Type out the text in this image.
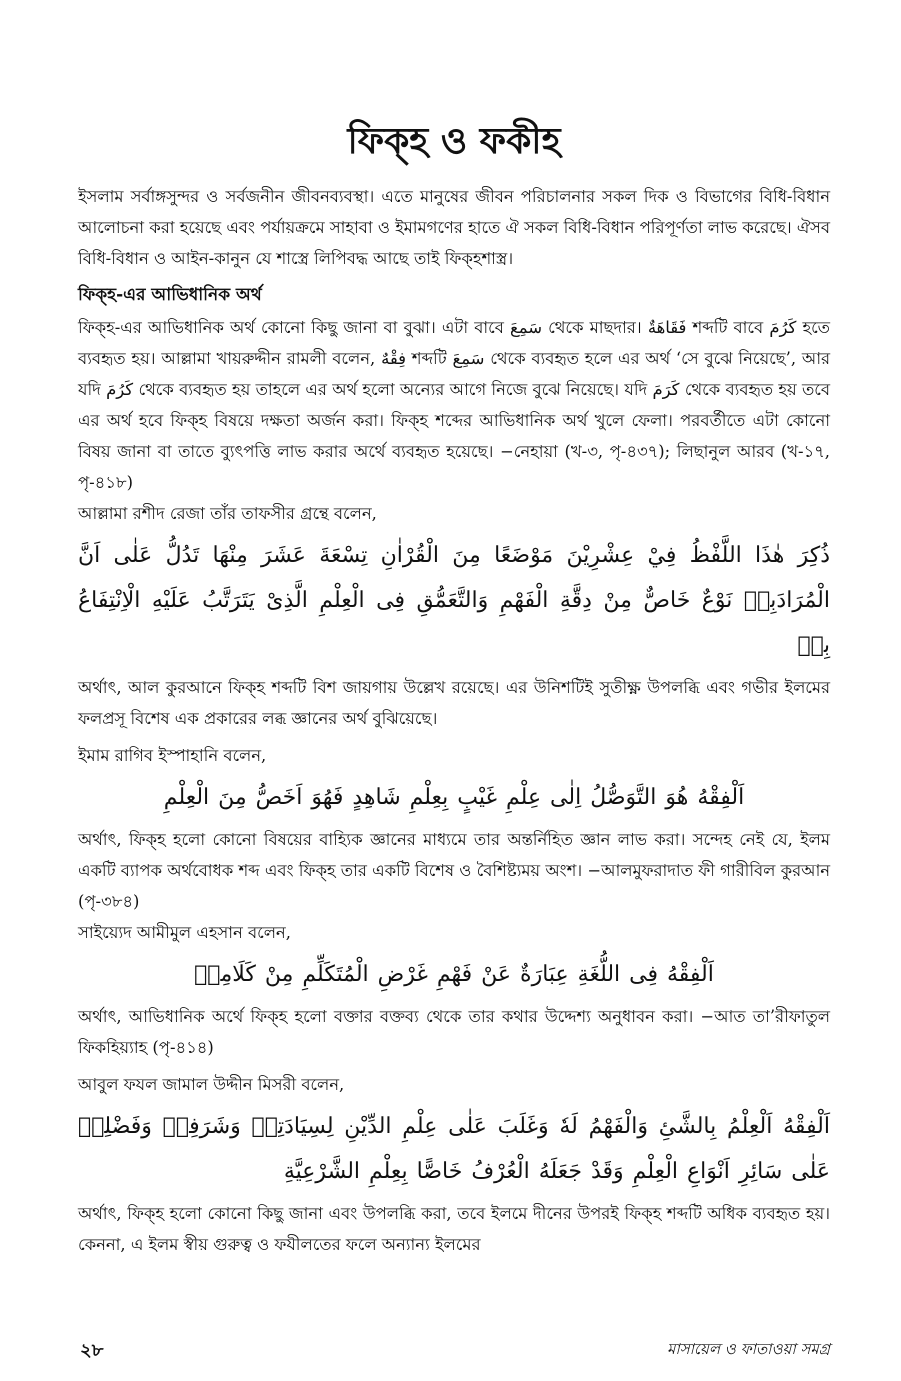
ফিক্‌হ ও ফকীহ

ইসলাম সর্বাঙ্গসুন্দর ও সর্বজনীন জীবনব্যবস্থা। এতে মানুষের জীবন পরিচালনার সকল দিক ও বিভাগের বিধি-বিধান আলোচনা করা হয়েছে এবং পর্যায়ক্রমে সাহাবা ও ইমামগণের হাতে ঐ সকল বিধি-বিধান পরিপূর্ণতা লাভ করেছে। ঐসব বিধি-বিধান ও আইন-কানুন যে শাস্ত্রে লিপিবদ্ধ আছে তাই ফিক্‌হশাস্ত্র।

ফিক্‌হ-এর আভিধানিক অর্থ

ফিক্‌হ-এর আভিধানিক অর্থ কোনো কিছু জানা বা বুঝা। এটা বাবে سَمِعَ থেকে মাছদার। فَقَاهَةٌ শব্দটি বাবে كَرُمَ হতে ব্যবহৃত হয়। আল্লামা খায়রুদ্দীন রামলী বলেন, فِقْهٌ শব্দটি سَمِعَ থেকে ব্যবহৃত হলে এর অর্থ ‘সে বুঝে নিয়েছে’, আর যদি كَرُمَ থেকে ব্যবহৃত হয় তাহলে এর অর্থ হলো অন্যের আগে নিজে বুঝে নিয়েছে। যদি كَرَمَ থেকে ব্যবহৃত হয় তবে এর অর্থ হবে ফিক্‌হ বিষয়ে দক্ষতা অর্জন করা। ফিক্‌হ শব্দের আভিধানিক অর্থ খুলে ফেলা। পরবর্তীতে এটা কোনো বিষয় জানা বা তাতে ব্যুৎপত্তি লাভ করার অর্থে ব্যবহৃত হয়েছে। −নেহায়া (খ-৩, পৃ-৪৩৭); লিছানুল আরব (খ-১৭, পৃ-৪১৮)

আল্লামা রশীদ রেজা তাঁর তাফসীর গ্রন্থে বলেন,

ذُكِرَ هٰذَا اللَّفْظُ فِيْ عِشْرِيْنَ مَوْضَعًا مِنَ الْقُرْاٰنِ تِسْعَةَ عَشَرَ مِنْهَا تَدُلُّ عَلٰى اَنَّ الْمُرَادَبِهٖ نَوْعٌ خَاصٌّ مِنْ دِقَّةِ الْفَهْمِ وَالتَّعَمُّقِ فِى الْعِلْمِ الَّذِىْ يَتَرَتَّبُ عَلَيْهِ الْاِنْتِفَاعُ بِهٖ

অর্থাৎ, আল কুরআনে ফিক্‌হ শব্দটি বিশ জায়গায় উল্লেখ রয়েছে। এর উনিশটিই সুতীক্ষ্ণ উপলব্ধি এবং গভীর ইলমের ফলপ্রসূ বিশেষ এক প্রকারের লব্ধ জ্ঞানের অর্থ বুঝিয়েছে।

ইমাম রাগিব ইস্পাহানি বলেন,

اَلْفِقْهُ هُوَ التَّوَصُّلُ اِلٰى عِلْمِ غَيْبٍ بِعِلْمِ شَاهِدٍ فَهُوَ اَخَصُّ مِنَ الْعِلْمِ

অর্থাৎ, ফিক্‌হ হলো কোনো বিষয়ের বাহ্যিক জ্ঞানের মাধ্যমে তার অন্তর্নিহিত জ্ঞান লাভ করা। সন্দেহ নেই যে, ইলম একটি ব্যাপক অর্থবোধক শব্দ এবং ফিক্‌হ তার একটি বিশেষ ও বৈশিষ্ট্যময় অংশ। −আলমুফরাদাত ফী গারীবিল কুরআন (পৃ-৩৮৪)

সাইয়্যেদ আমীমুল এহসান বলেন,

اَلْفِقْهُ فِى اللُّغَةِ عِبَارَةٌ عَنْ فَهْمِ غَرْضِ الْمُتَكَلِّمِ مِنْ كَلَامِهٖ

অর্থাৎ, আভিধানিক অর্থে ফিক্‌হ হলো বক্তার বক্তব্য থেকে তার কথার উদ্দেশ্য অনুধাবন করা। −আত তা’রীফাতুল ফিকহিয়্যাহ (পৃ-৪১৪)

আবুল ফযল জামাল উদ্দীন মিসরী বলেন,

اَلْفِقْهُ اَلْعِلْمُ بِالشَّئِ وَالْفَهْمُ لَهٗ وَغَلَبَ عَلٰى عِلْمِ الدِّيْنِ لِسِيَادَتِهٖ وَشَرَفِهٖ وَفَضْلِهٖ عَلٰى سَائِرِ اَنْوَاعِ الْعِلْمِ وَقَدْ جَعَلَهُ الْعُرْفُ خَاصًّا بِعِلْمِ الشَّرْعِيَّةِ

অর্থাৎ, ফিক্‌হ হলো কোনো কিছু জানা এবং উপলব্ধি করা, তবে ইলমে দীনের উপরই ফিক্‌হ শব্দটি অধিক ব্যবহৃত হয়। কেননা, এ ইলম স্বীয় গুরুত্ব ও ফযীলতের ফলে অন্যান্য ইলমের

২৮	মাসায়েল ও ফাতাওয়া সমগ্র
